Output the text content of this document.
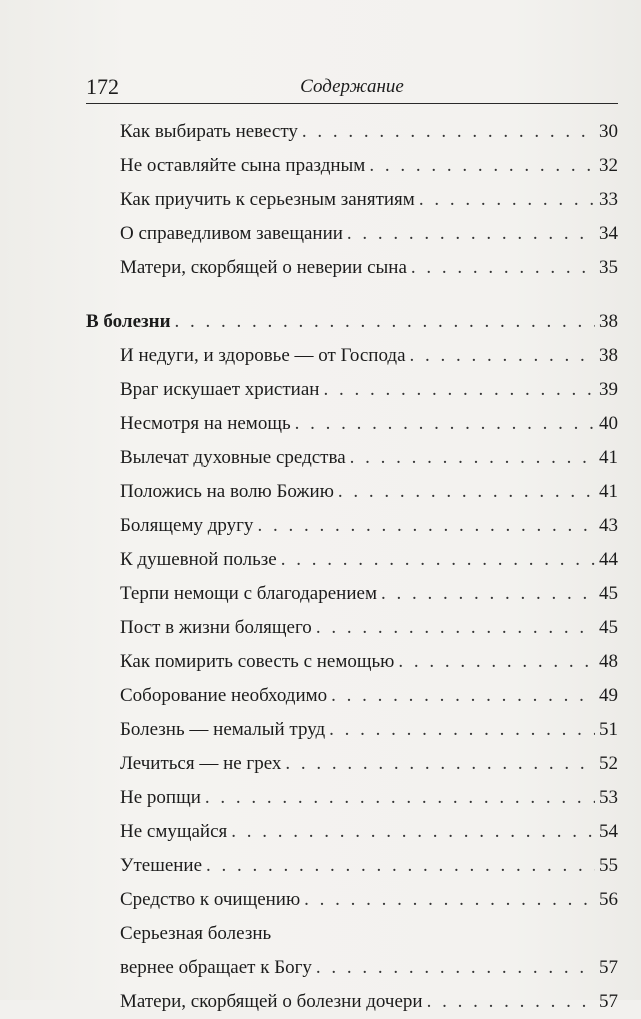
172	Содержание
Как выбирать невесту . . .	30
Не оставляйте сына праздным . . .	32
Как приучить к серьезным занятиям . . .	33
О справедливом завещании . . .	34
Матери, скорбящей о неверии сына . . .	35
В болезни . . .	38
И недуги, и здоровье — от Господа . . .	38
Враг искушает христиан . . .	39
Несмотря на немощь . . .	40
Вылечат духовные средства . . .	41
Положись на волю Божию . . .	41
Болящему другу . . .	43
К душевной пользе . . .	44
Терпи немощи с благодарением . . .	45
Пост в жизни болящего . . .	45
Как помирить совесть с немощью . . .	48
Соборование необходимо . . .	49
Болезнь — немалый труд . . .	51
Лечиться — не грех . . .	52
Не ропщи . . .	53
Не смущайся . . .	54
Утешение . . .	55
Средство к очищению . . .	56
Серьезная болезнь
вернее обращает к Богу . . .	57
Матери, скорбящей о болезни дочери . . .	57
